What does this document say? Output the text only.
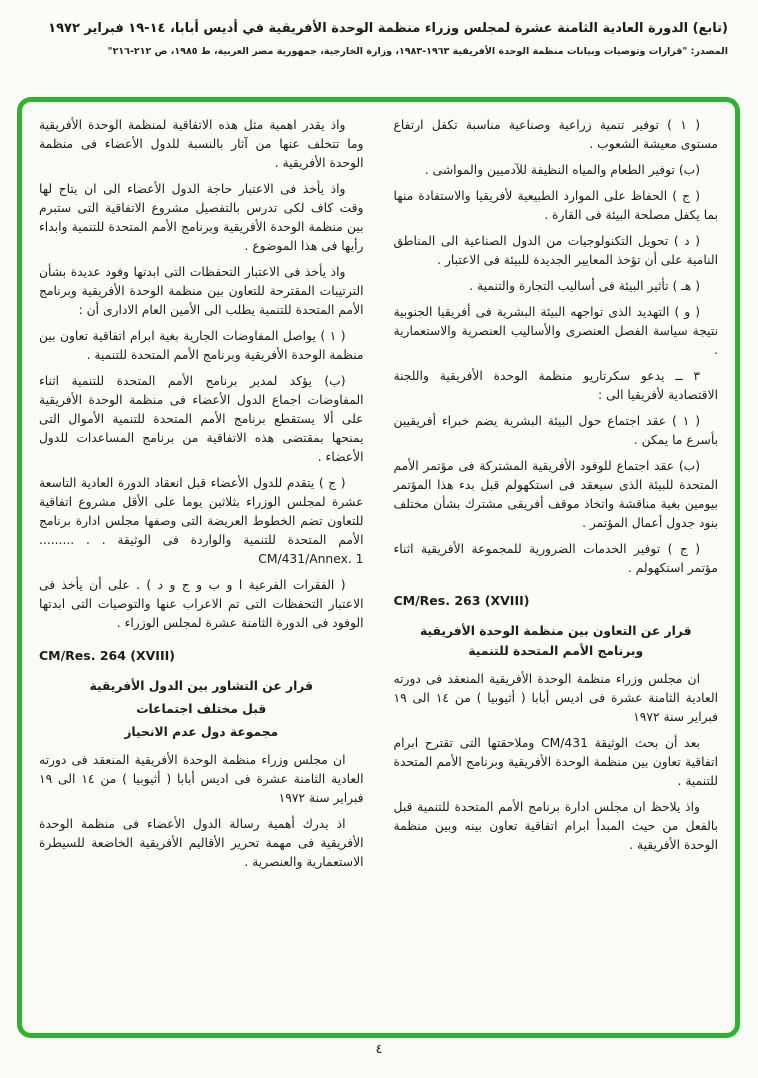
(تابع) الدورة العادية الثامنة عشرة لمجلس وزراء منظمة الوحدة الأفريقية في أديس أبابا، ١٤-١٩ فبراير ١٩٧٢
المصدر: "قرارات وتوصيات وبيانات منظمة الوحدة الأفريقية ١٩٦٣-١٩٨٣، وزارة الخارجية، جمهورية مصر العربية، ط ١٩٨٥، ص ٢١٢-٢١٦"
( ١ ) توفير تنمية زراعية وصناعية مناسبة تكفل ارتفاع مستوى معيشة الشعوب .
(ب) توفير الطعام والمياه النظيفة للآدميين والمواشى .
( ج ) الحفاظ على الموارد الطبيعية لأفريقيا والاستفادة منها بما يكفل مصلحة البيئة فى القارة .
( د ) تحويل التكنولوجيات من الدول الصناعية الى المناطق النامية على أن تؤخذ المعايير الجديدة للبيئة فى الاعتبار .
( هـ ) تأثير البيئة فى أساليب التجارة والتنمية .
( و ) التهديد الذى تواجهه البيئة البشرية فى أفريقيا الجنوبية نتيجة سياسة الفصل العنصرى والأساليب العنصرية والاستعمارية .
٣ ــ يدعو سكرتاريو منظمة الوحدة الأفريقية واللجنة الاقتصادية لأفريقيا الى :
( ١ ) عقد اجتماع حول البيئة البشرية يضم خبراء أفريقيين بأسرع ما يمكن .
(ب) عقد اجتماع للوفود الأفريقية المشتركة فى مؤتمر الأمم المتحدة للبيئة الذى سيعقد فى استكهولم قبل بدء هذا المؤتمر بيومين بغية مناقشة واتخاذ موقف أفريقى مشترك بشأن مختلف بنود جدول أعمال المؤتمر .
( ج ) توفير الخدمات الضرورية للمجموعة الأفريقية اثناء مؤتمر استكهولم .
CM/Res. 263 (XVIII)
قرار عن التعاون بين منظمة الوحدة الأفريقية وبرنامج الأمم المتحدة للتنمية
ان مجلس وزراء منظمة الوحدة الأفريقية المنعقد فى دورته العادية الثامنة عشرة فى اديس أبابا ( أثيوبيا ) من ١٤ الى ١٩ فبراير سنة ١٩٧٢
بعد أن بحث الوثيقة CM/431 وملاحقتها التى تقترح ابرام اتفاقية تعاون بين منظمة الوحدة الأفريقية وبرنامج الأمم المتحدة للتنمية .
واذ يلاحظ ان مجلس ادارة برنامج الأمم المتحدة للتنمية قبل بالفعل من حيث المبدأ ابرام اتفاقية تعاون بينه وبين منظمة الوحدة الأفريقية .
واذ يقدر اهمية مثل هذه الاتفاقية لمنظمة الوحدة الأفريقية وما تتخلف عنها من آثار بالنسبة للدول الأعضاء فى منظمة الوحدة الأفريقية .
واذ يأخذ فى الاعتبار حاجة الدول الأعضاء الى ان يتاح لها وقت كاف لكى تدرس بالتفصيل مشروع الاتفاقية التى ستبرم بين منظمة الوحدة الأفريقية وبرنامج الأمم المتحدة للتنمية وابداء رأيها فى هذا الموضوع .
واذ يأخذ فى الاعتبار التحفظات التى ابدتها وفود عديدة بشأن الترتيبات المقترحة للتعاون بين منظمة الوحدة الأفريقية وبرنامج الأمم المتحدة للتنمية يطلب الى الأمين العام الادارى أن :
( ١ ) يواصل المفاوضات الجارية بغية ابرام اتفاقية تعاون بين منظمة الوحدة الأفريقية وبرنامج الأمم المتحدة للتنمية .
(ب) يؤكد لمدير برنامج الأمم المتحدة للتنمية اثناء المفاوضات اجماع الدول الأعضاء فى منظمة الوحدة الأفريقية على ألا يستقطع برنامج الأمم المتحدة للتنمية الأموال التى يمنحها بمقتضى هذه الاتفاقية من برنامج المساعدات للدول الأعضاء .
( ج ) يتقدم للدول الأعضاء قبل انعقاد الدورة العادية التاسعة عشرة لمجلس الوزراء بثلاثين يوما على الأقل مشروع اتفاقية للتعاون تضم الخطوط العريضة التى وصفها مجلس ادارة برنامج الأمم المتحدة للتنمية والواردة فى الوثيقة . . ......... CM/431/Annex. 1
( الفقرات الفرعية ا و ب و ج و د ) . على أن يأخذ فى الاعتبار التحفظات التى تم الاعراب عنها والتوصيات التى ابدتها الوفود فى الدورة الثامنة عشرة لمجلس الوزراء .
CM/Res. 264 (XVIII)
قرار عن التشاور بين الدول الأفريقية
قبل مختلف اجتماعات
مجموعة دول عدم الانحياز
ان مجلس وزراء منظمة الوحدة الأفريقية المنعقد فى دورته العادية الثامنة عشرة فى اديس أبابا ( أثيوبيا ) من ١٤ الى ١٩ فبراير سنة ١٩٧٢
اذ يدرك أهمية رسالة الدول الأعضاء فى منظمة الوحدة الأفريقية فى مهمة تحرير الأقاليم الأفريقية الخاضعة للسيطرة الاستعمارية والعنصرية .
٤
